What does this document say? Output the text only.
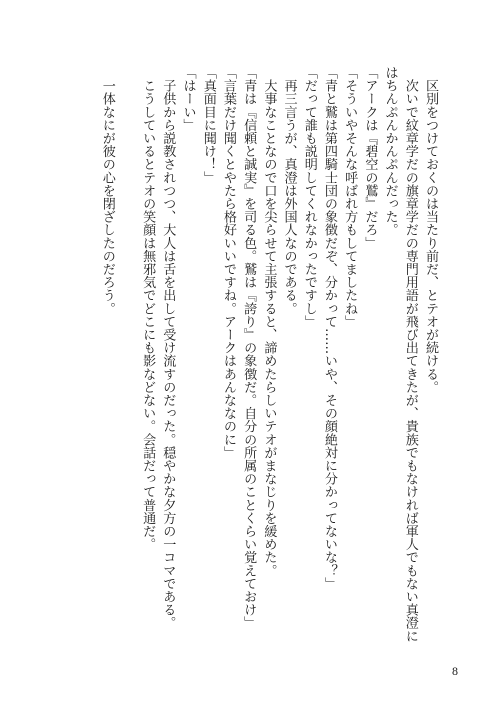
　区別をつけておくのは当たり前だ、とテオが続ける。
　次いで紋章学だの旗章学だの専門用語が飛び出てきたが、貴族でもなければ軍人でもない真澄に
はちんぷんかんぷんだった。
「アークは『碧空の鷲』だろ」
「そういやそんな呼ばれ方もしてましたね」
「青と鷲は第四騎士団の象徴だぞ、分かって……いや、その顔絶対に分かってないな？」
「だって誰も説明してくれなかったですし」
　再三言うが、真澄は外国人なのである。
　大事なことなので口を尖らせて主張すると、諦めたらしいテオがまなじりを緩めた。
「青は『信頼と誠実』を司る色。鷲は『誇り』の象徴だ。自分の所属のことくらい覚えておけ」
「言葉だけ聞くとやたら格好いいですね。アークはあんななのに」
「真面目に聞け！」
「はーい」
　子供から説教されつつ、大人は舌を出して受け流すのだった。穏やかな夕方の一コマである。
　こうしているとテオの笑顔は無邪気でどこにも影などない。会話だって普通だ。
　一体なにが彼の心を閉ざしたのだろう。
8
